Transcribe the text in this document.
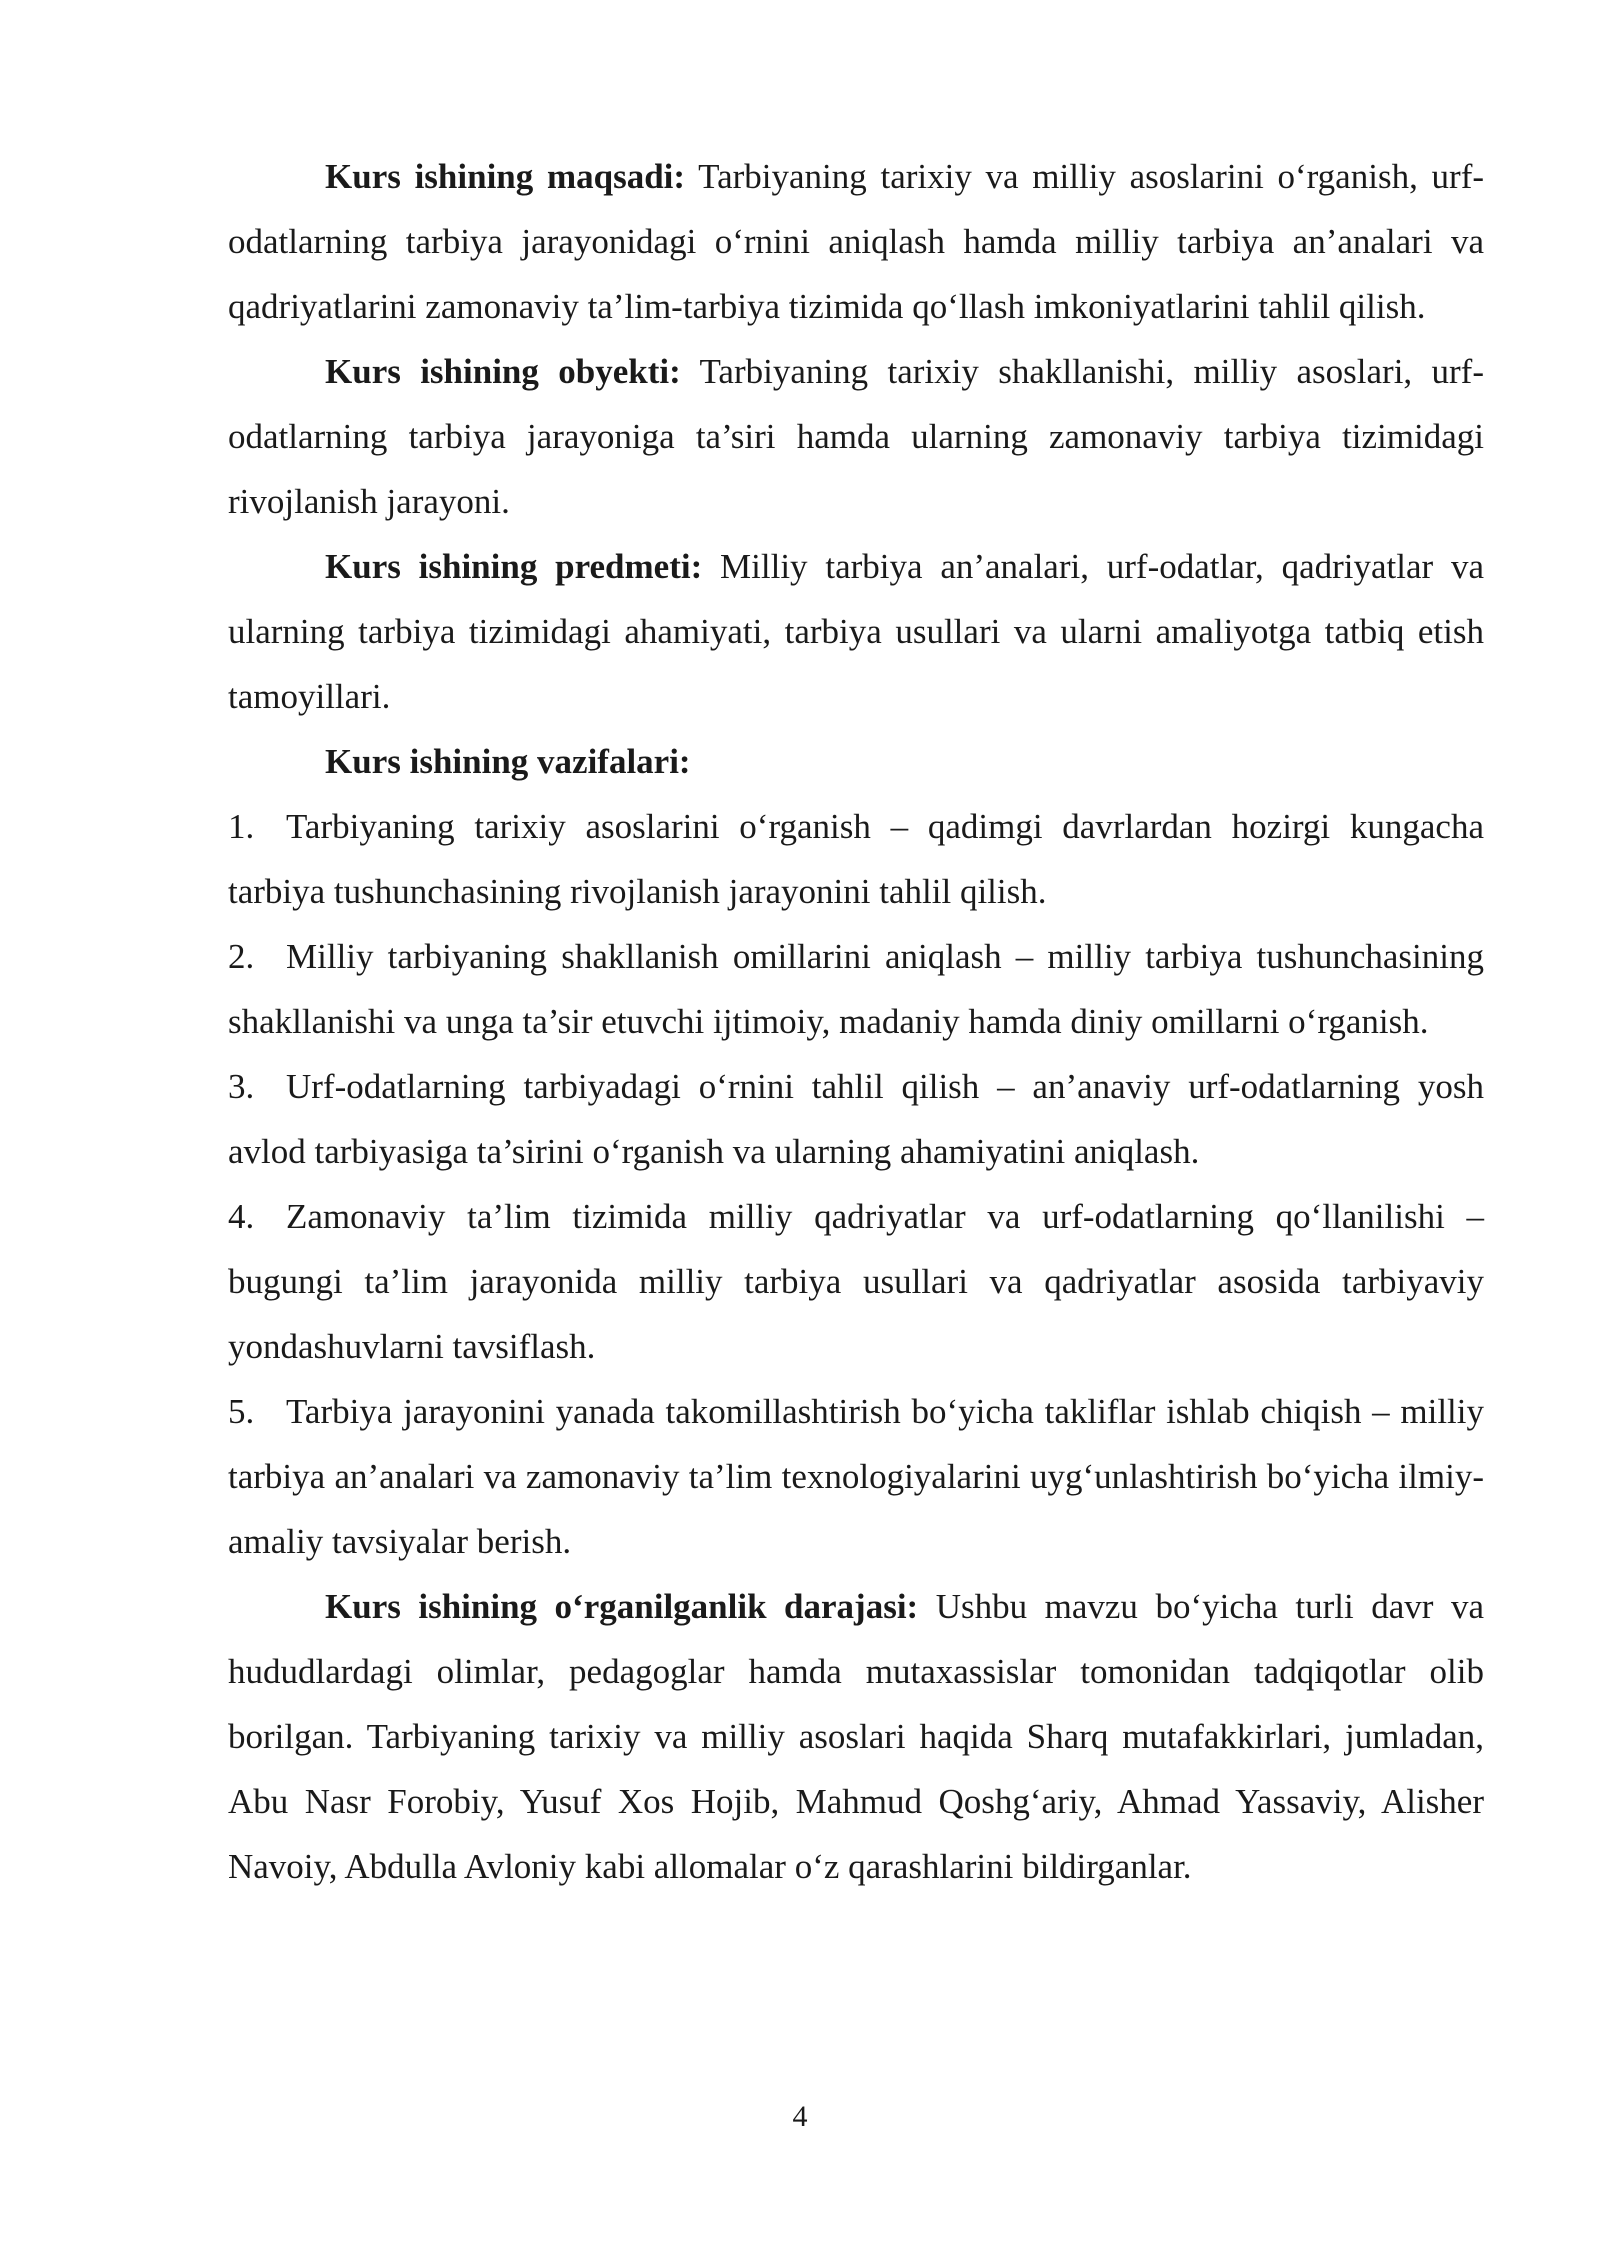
Kurs ishining maqsadi: Tarbiyaning tarixiy va milliy asoslarini o‘rganish, urf-odatlarning tarbiya jarayonidagi o‘rnini aniqlash hamda milliy tarbiya an’analari va qadriyatlarini zamonaviy ta’lim-tarbiya tizimida qo‘llash imkoniyatlarini tahlil qilish.

Kurs ishining obyekti: Tarbiyaning tarixiy shakllanishi, milliy asoslari, urf-odatlarning tarbiya jarayoniga ta’siri hamda ularning zamonaviy tarbiya tizimidagi rivojlanish jarayoni.

Kurs ishining predmeti: Milliy tarbiya an’analari, urf-odatlar, qadriyatlar va ularning tarbiya tizimidagi ahamiyati, tarbiya usullari va ularni amaliyotga tatbiq etish tamoyillari.

Kurs ishining vazifalari:

1. Tarbiyaning tarixiy asoslarini o‘rganish – qadimgi davrlardan hozirgi kungacha tarbiya tushunchasining rivojlanish jarayonini tahlil qilish.

2. Milliy tarbiyaning shakllanish omillarini aniqlash – milliy tarbiya tushunchasining shakllanishi va unga ta’sir etuvchi ijtimoiy, madaniy hamda diniy omillarni o‘rganish.

3. Urf-odatlarning tarbiyadagi o‘rnini tahlil qilish – an’anaviy urf-odatlarning yosh avlod tarbiyasiga ta’sirini o‘rganish va ularning ahamiyatini aniqlash.

4. Zamonaviy ta’lim tizimida milliy qadriyatlar va urf-odatlarning qo‘llanilishi – bugungi ta’lim jarayonida milliy tarbiya usullari va qadriyatlar asosida tarbiyaviy yondashuvlarni tavsiflash.

5. Tarbiya jarayonini yanada takomillashtirish bo‘yicha takliflar ishlab chiqish – milliy tarbiya an’analari va zamonaviy ta’lim texnologiyalarini uyg‘unlashtirish bo‘yicha ilmiy-amaliy tavsiyalar berish.

Kurs ishining o‘rganilganlik darajasi: Ushbu mavzu bo‘yicha turli davr va hududlardagi olimlar, pedagoglar hamda mutaxassislar tomonidan tadqiqotlar olib borilgan. Tarbiyaning tarixiy va milliy asoslari haqida Sharq mutafakkirlari, jumladan, Abu Nasr Forobiy, Yusuf Xos Hojib, Mahmud Qoshg‘ariy, Ahmad Yassaviy, Alisher Navoiy, Abdulla Avloniy kabi allomalar o‘z qarashlarini bildirganlar.

4
